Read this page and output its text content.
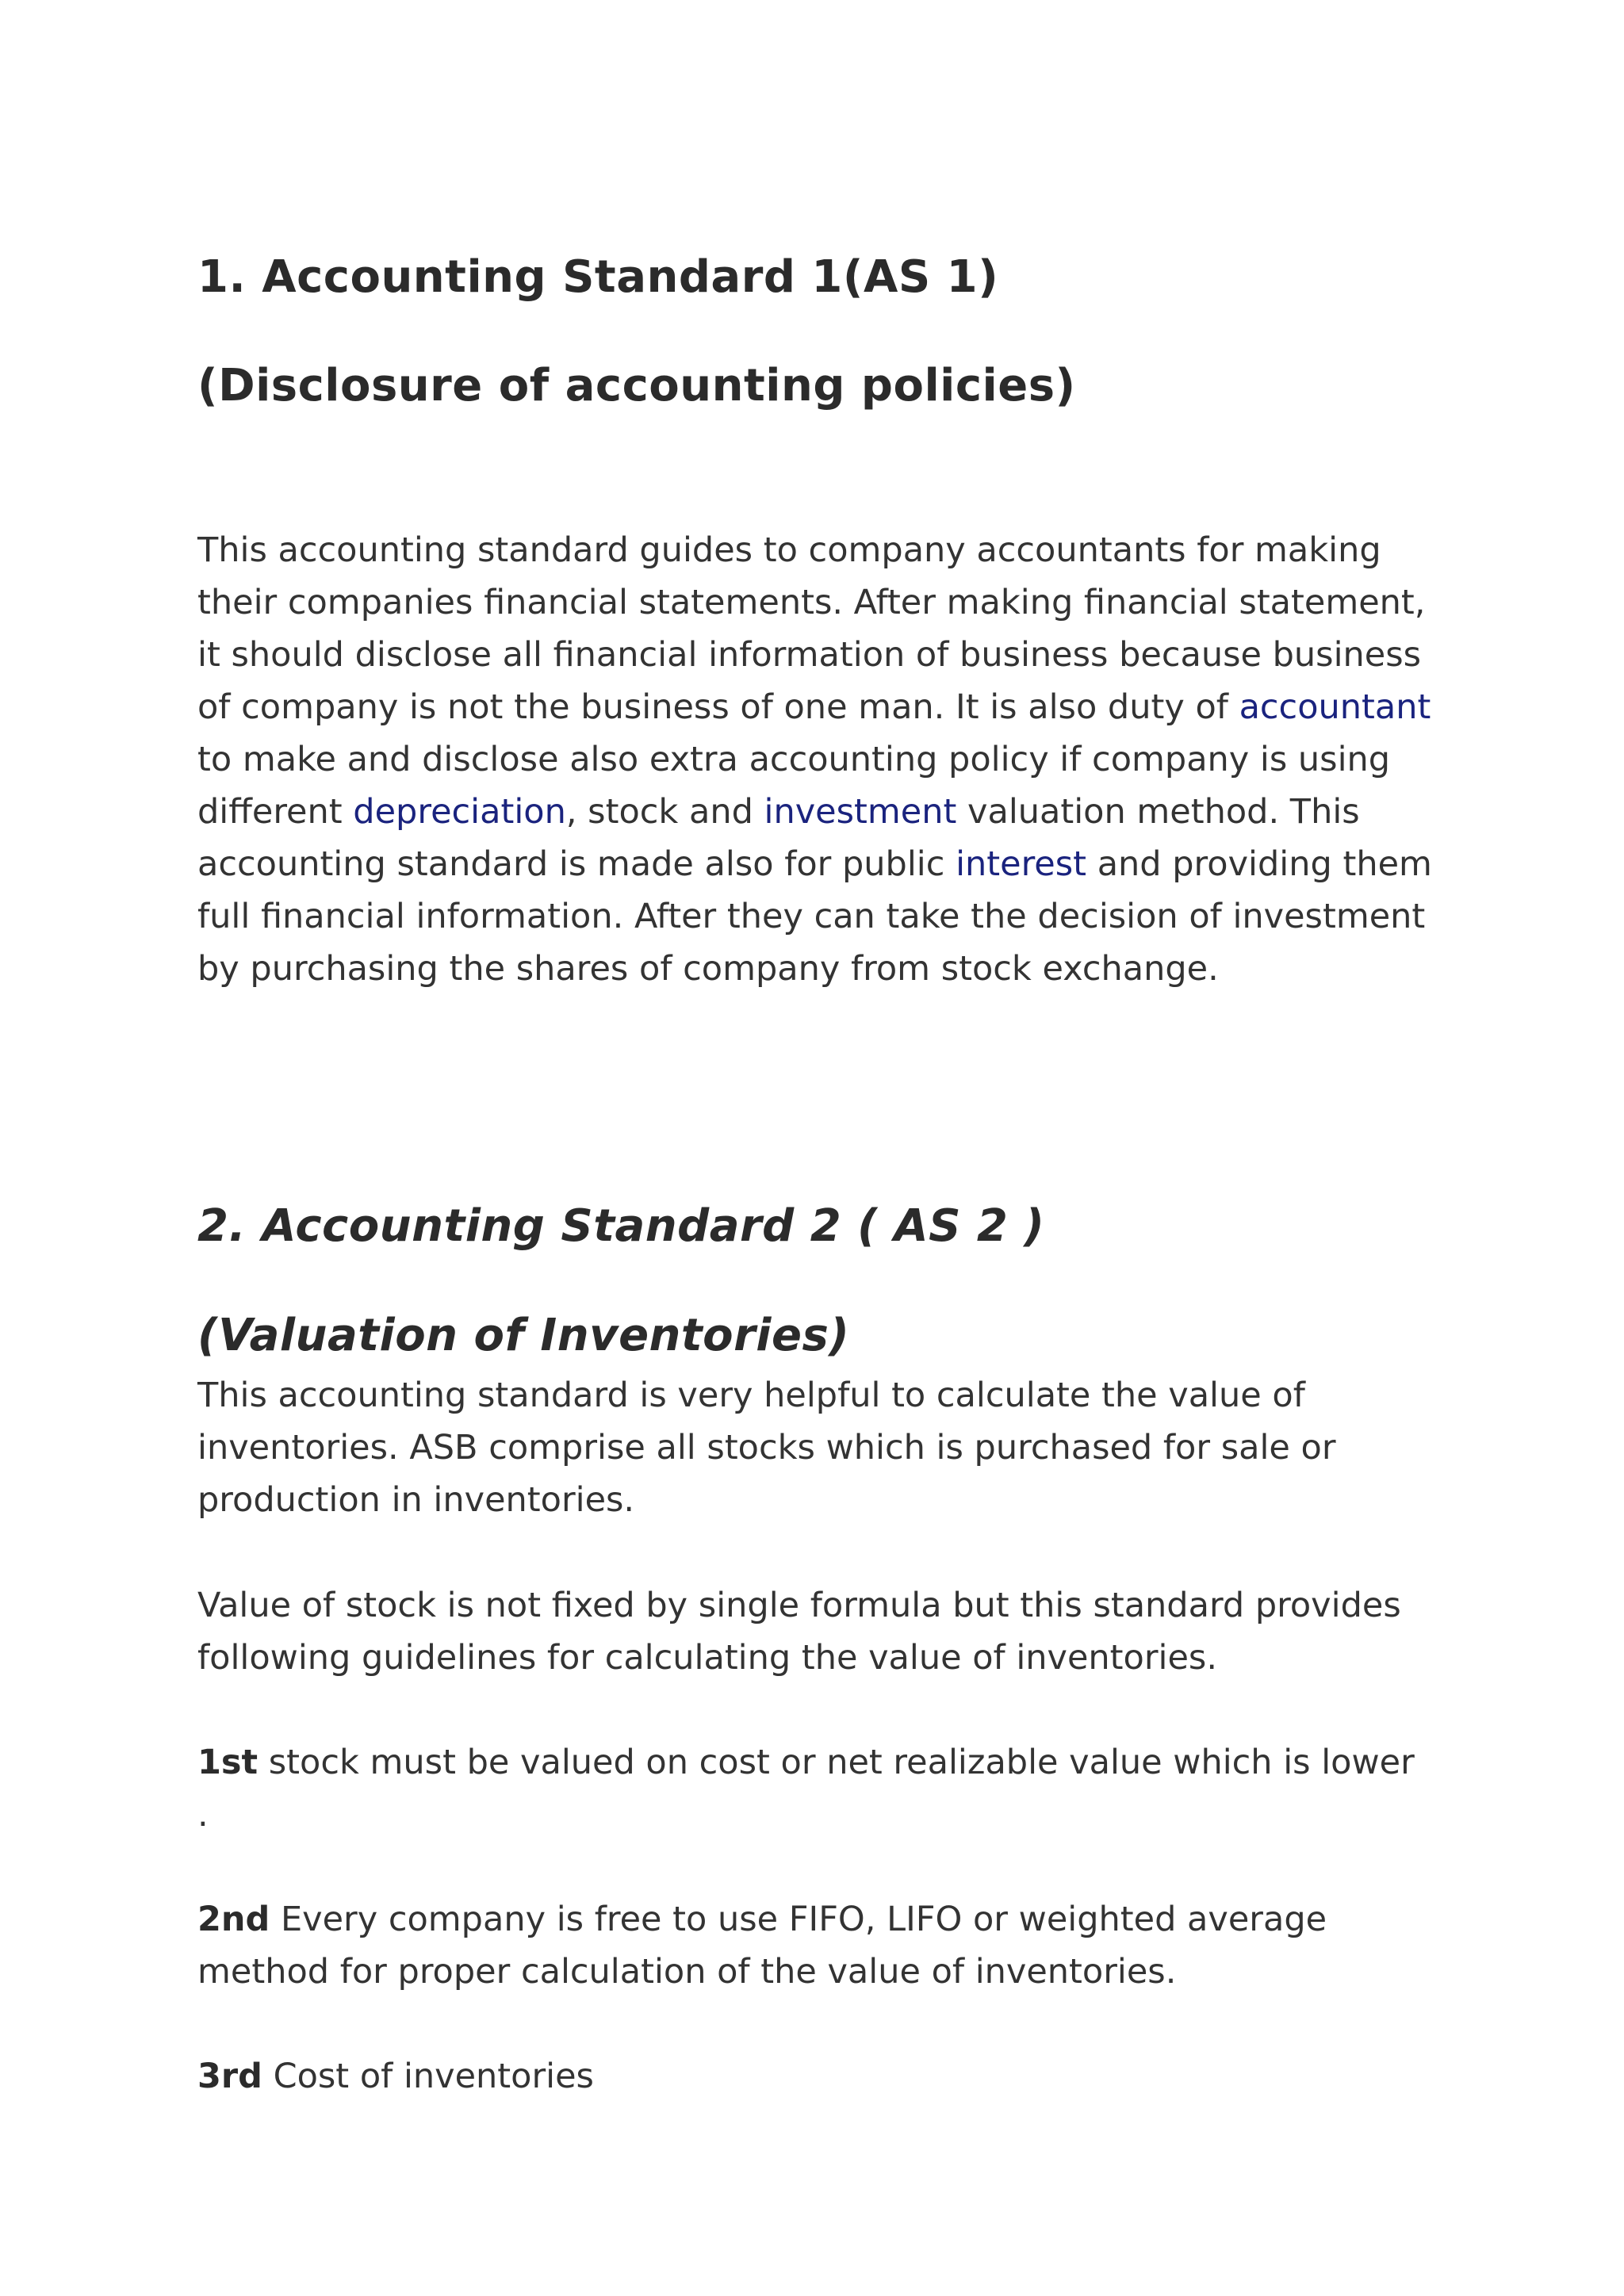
1. Accounting Standard 1(AS 1)
(Disclosure of accounting policies)

This accounting standard guides to company accountants for making their companies financial statements. After making financial statement, it should disclose all financial information of business because business of company is not the business of one man. It is also duty of accountant to make and disclose also extra accounting policy if company is using different depreciation, stock and investment valuation method. This accounting standard is made also for public interest and providing them full financial information. After they can take the decision of investment by purchasing the shares of company from stock exchange.

2. Accounting Standard 2 ( AS 2 )
(Valuation of Inventories)

This accounting standard is very helpful to calculate the value of inventories. ASB comprise all stocks which is purchased for sale or production in inventories.

Value of stock is not fixed by single formula but this standard provides following guidelines for calculating the value of inventories.

1st stock must be valued on cost or net realizable value which is lower .

2nd Every company is free to use FIFO, LIFO or weighted average method for proper calculation of the value of inventories.

3rd Cost of inventories
